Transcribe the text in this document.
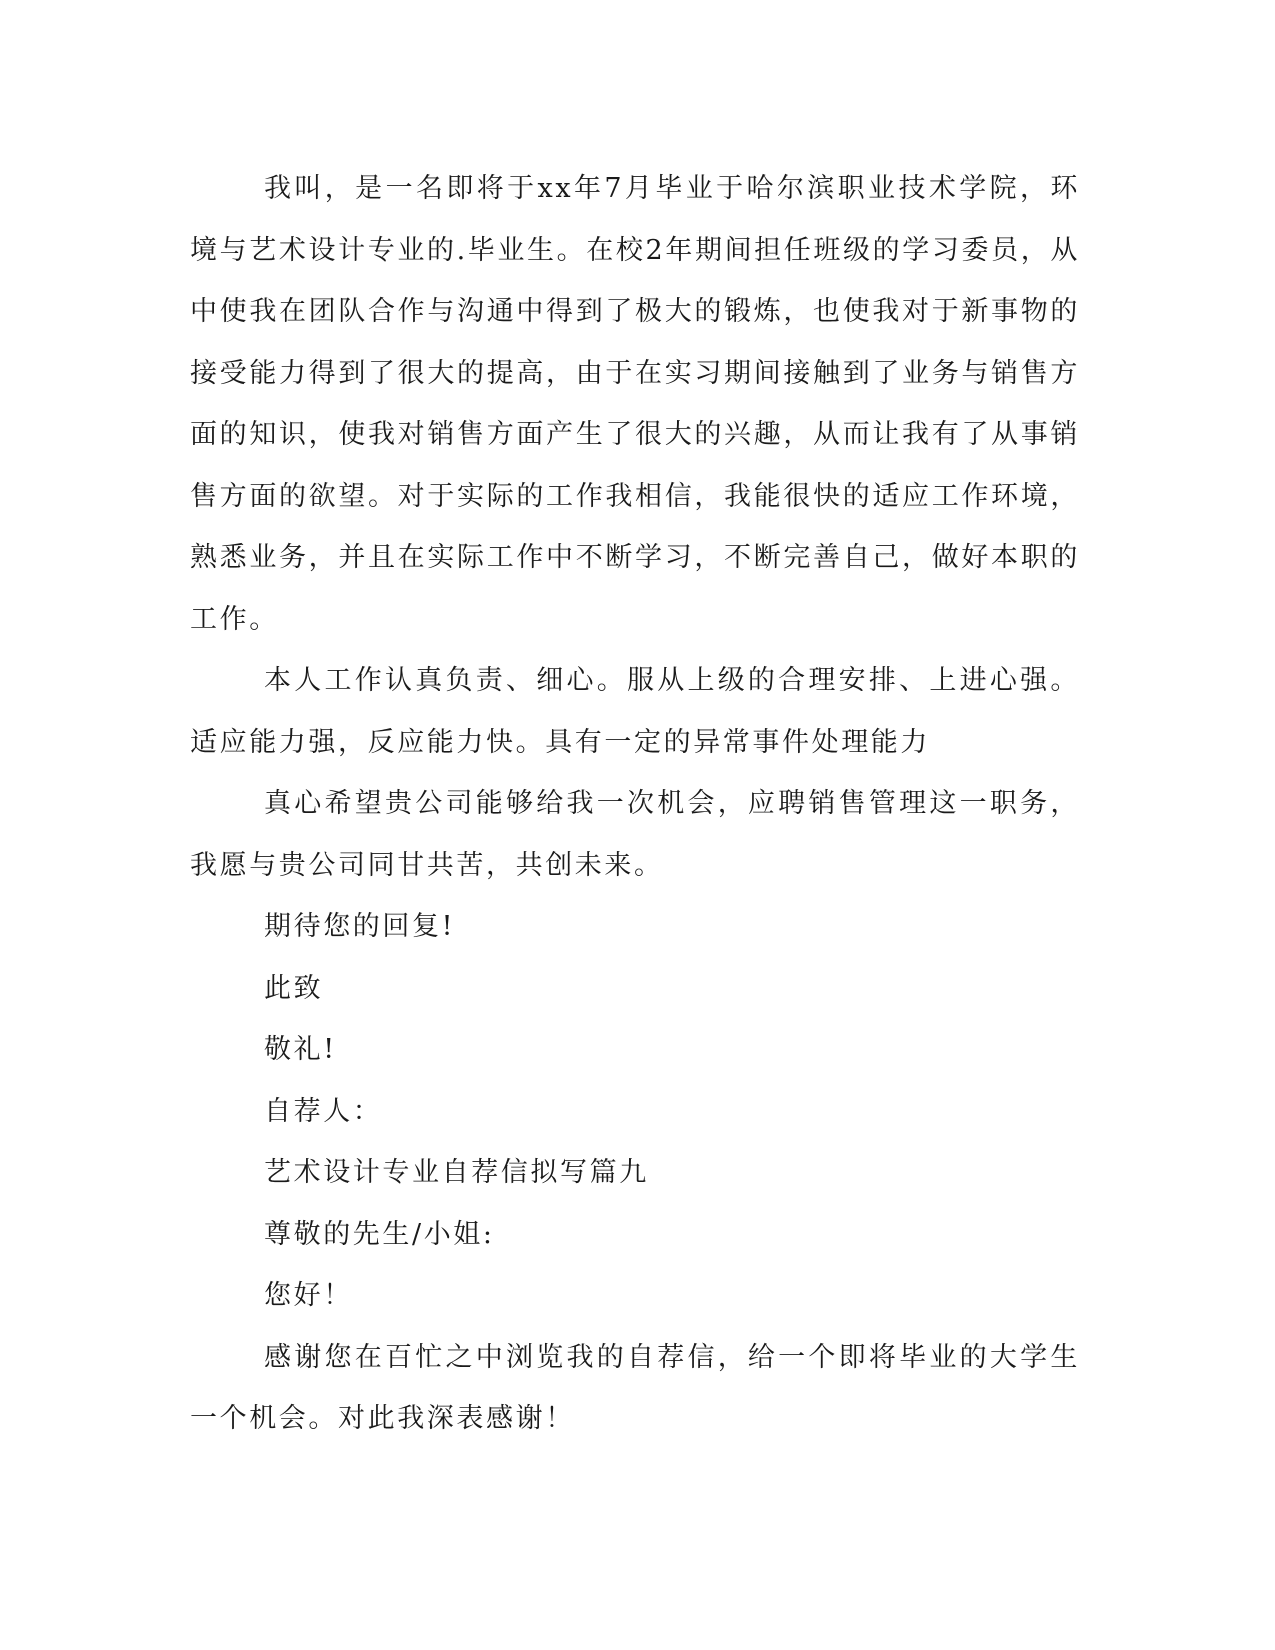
我叫，是一名即将于xx年7月毕业于哈尔滨职业技术学院，环境与艺术设计专业的.毕业生。在校2年期间担任班级的学习委员，从中使我在团队合作与沟通中得到了极大的锻炼，也使我对于新事物的接受能力得到了很大的提高，由于在实习期间接触到了业务与销售方面的知识，使我对销售方面产生了很大的兴趣，从而让我有了从事销售方面的欲望。对于实际的工作我相信，我能很快的适应工作环境，熟悉业务，并且在实际工作中不断学习，不断完善自己，做好本职的工作。

本人工作认真负责、细心。服从上级的合理安排、上进心强。适应能力强，反应能力快。具有一定的异常事件处理能力

真心希望贵公司能够给我一次机会，应聘销售管理这一职务，我愿与贵公司同甘共苦，共创未来。

期待您的回复!

此致

敬礼!

自荐人：

艺术设计专业自荐信拟写篇九

尊敬的先生/小姐:

您好！

感谢您在百忙之中浏览我的自荐信，给一个即将毕业的大学生一个机会。对此我深表感谢！
